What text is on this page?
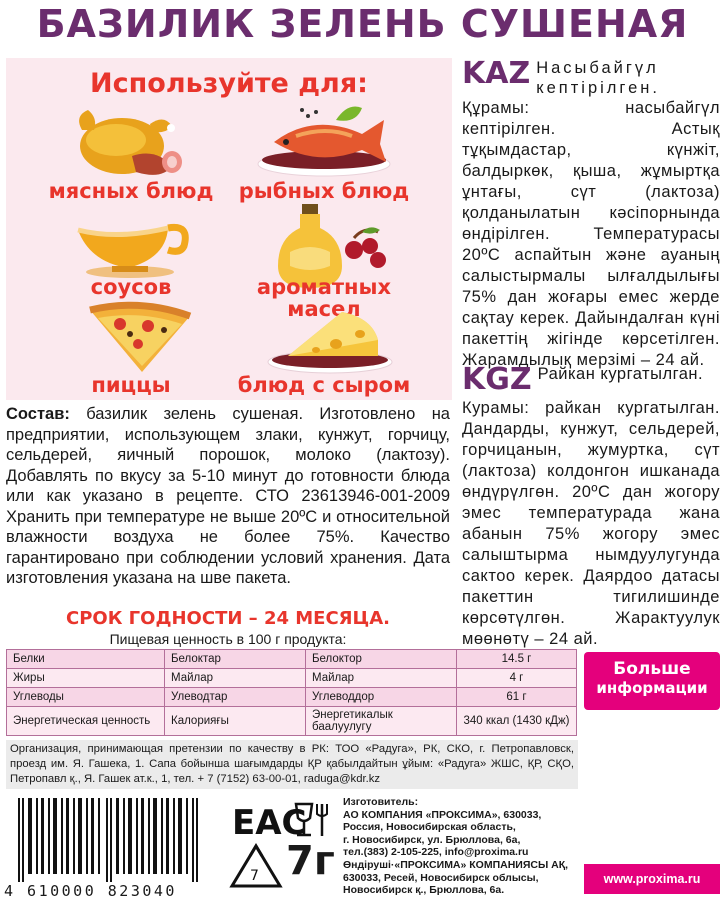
БАЗИЛИК ЗЕЛЕНЬ СУШЕНАЯ
Используйте для:
мясных блюд рыбных блюд
соусов	ароматных
масел
пиццы	блюд с сыром
KAZ Насыбайгүл кептірілген.
Құрамы: насыбайгүл кептірілген. Астық тұқымдастар, күнжіт, балдыркөк, қыша, жұмыртқа ұнтағы, сүт (лактоза) қолданылатын кәсіпорнында өндірілген. Температурасы 20ºС аспайтын және ауаның салыстырмалы ылғалдылығы 75% дан жоғары емес жерде сақтау керек. Дайындалған күні пакеттің жігінде көрсетілген. Жарамдылық мерзімі – 24 ай.
KGZ Райкан кургатылган.
Курамы: райкан кургатылган. Дандарды, кунжут, сельдерей, горчицанын, жумуртка, сүт (лактоза) колдонгон ишканада өндүрүлгөн. 20ºС дан жогору эмес температурада жана абанын 75% жогору эмес салыштырма нымдуулугунда сактоо керек. Даярдоо датасы пакеттин тигилишинде көрсөтүлгөн. Жарактуулук мөөнөтү – 24 ай.
Состав: базилик зелень сушеная. Изготовлено на предприятии, использующем злаки, кунжут, горчицу, сельдерей, яичный порошок, молоко (лактозу). Добавлять по вкусу за 5-10 минут до готовности блюда или как указано в рецепте. СТО 23613946-001-2009 Хранить при температуре не выше 20ºС и относительной влажности воздуха не более 75%. Качество гарантировано при соблюдении условий хранения. Дата изготовления указана на шве пакета.
СРОК ГОДНОСТИ – 24 МЕСЯЦА.
Пищевая ценность в 100 г продукта:
Белки	Белоктар	Белоктор	14.5 г
Жиры	Майлар	Майлар	4 г
Углеводы	Улеводтар	Углеводдор	61 г
Энергетическая ценность	Калорияғы	Энергетикалык баалуулугу	340 ккал (1430 кДж)
Больше
информации
Организация, принимающая претензии по качеству в РК: ТОО «Радуга», РК, СКО, г. Петропавловск, проезд им. Я. Гашека, 1. Сапа бойынша шағымдарды ҚР қабылдайтын ұйым: «Радуга» ЖШС, ҚР, СҚО, Петропавл қ., Я. Гашек ат.к., 1, тел. + 7 (7152) 63-00-01, raduga@kdr.kz
4 610000 823040
EAC
7 7г
Изготовитель:
АО КОМПАНИЯ «ПРОКСИМА», 630033,
Россия, Новосибирская область,
г. Новосибирск, ул. Брюллова, 6а,
тел.(383) 2-105-225, info@proxima.ru
Өндіруші·«ПРОКСИМА» КОМПАНИЯСЫ АҚ,
630033, Ресей, Новосибирск облысы,
Новосибирск қ., Брюллова, 6а.
www.proxima.ru
